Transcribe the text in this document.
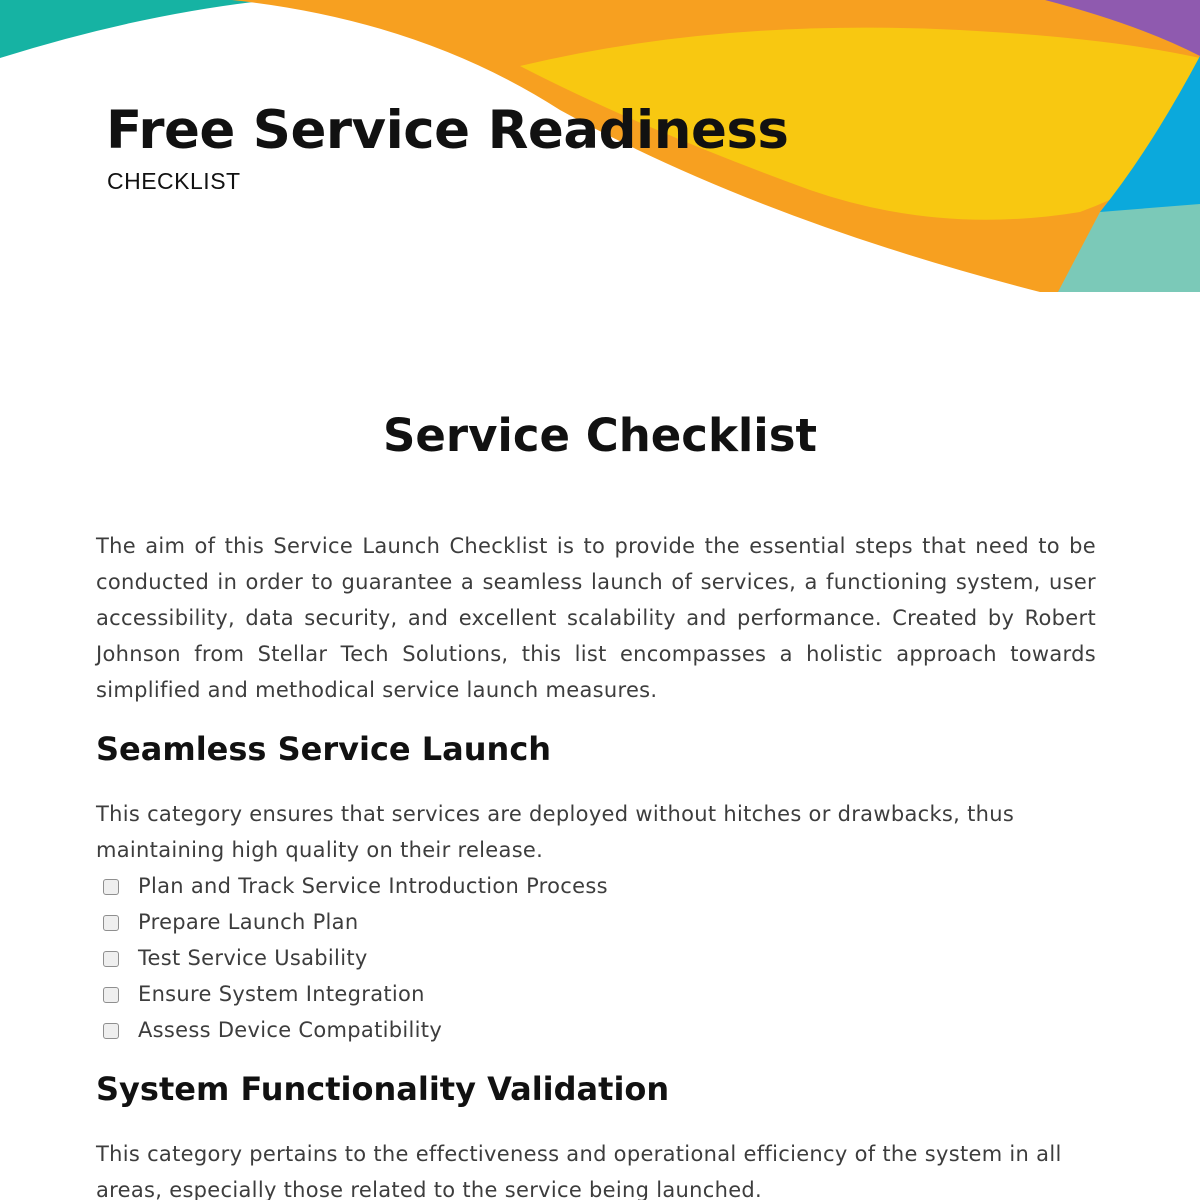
Free Service Readiness
CHECKLIST
Service Checklist

The aim of this Service Launch Checklist is to provide the essential steps that need to be conducted in order to guarantee a seamless launch of services, a functioning system, user accessibility, data security, and excellent scalability and performance. Created by Robert Johnson from Stellar Tech Solutions, this list encompasses a holistic approach towards simplified and methodical service launch measures.

Seamless Service Launch

This category ensures that services are deployed without hitches or drawbacks, thus maintaining high quality on their release.

Plan and Track Service Introduction Process
Prepare Launch Plan
Test Service Usability
Ensure System Integration
Assess Device Compatibility
System Functionality Validation

This category pertains to the effectiveness and operational efficiency of the system in all areas, especially those related to the service being launched.
